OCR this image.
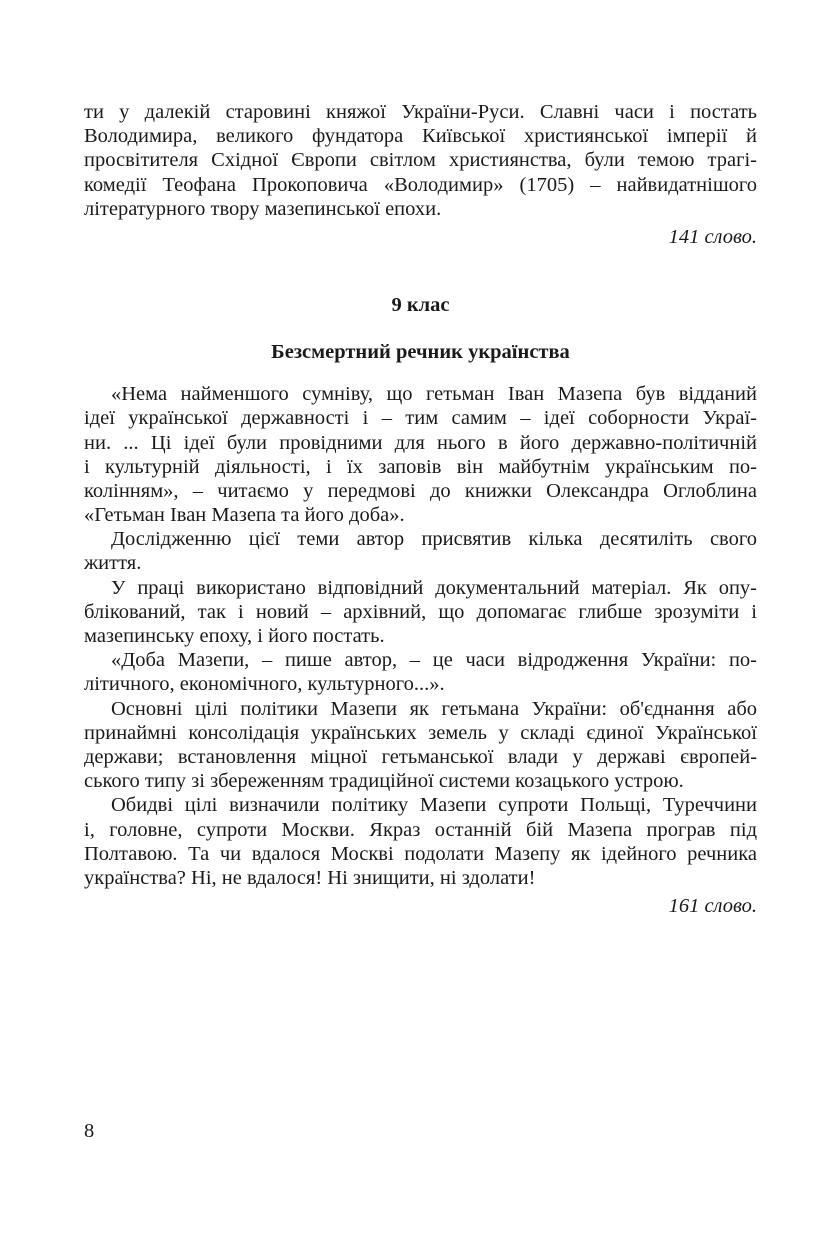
ти у далекій старовині княжої України-Руси. Славні часи і постать
Володимира, великого фундатора Київської християнської імперії й
просвітителя Східної Європи світлом християнства, були темою трагі-
комедії Теофана Прокоповича «Володимир» (1705) – найвидатнішого
літературного твору мазепинської епохи.
141 слово.
9 клас
Безсмертний речник українства
«Нема найменшого сумніву, що гетьман Іван Мазепа був відданий
ідеї української державності і – тим самим – ідеї соборности Украї-
ни. ... Ці ідеї були провідними для нього в його державно-політичній
і культурній діяльності, і їх заповів він майбутнім українським по-
колінням», – читаємо у передмові до книжки Олександра Оглоблина
«Гетьман Іван Мазепа та його доба».
Дослідженню цієї теми автор присвятив кілька десятиліть свого
життя.
У праці використано відповідний документальний матеріал. Як опу-
блікований, так і новий – архівний, що допомагає глибше зрозуміти і
мазепинську епоху, і його постать.
«Доба Мазепи, – пише автор, – це часи відродження України: по-
літичного, економічного, культурного...».
Основні цілі політики Мазепи як гетьмана України: об'єднання або
принаймні консолідація українських земель у складі єдиної Української
держави; встановлення міцної гетьманської влади у державі європей-
ського типу зі збереженням традиційної системи козацького устрою.
Обидві цілі визначили політику Мазепи супроти Польщі, Туреччини
і, головне, супроти Москви. Якраз останній бій Мазепа програв під
Полтавою. Та чи вдалося Москві подолати Мазепу як ідейного речника
українства? Ні, не вдалося! Ні знищити, ні здолати!
161 слово.
8
